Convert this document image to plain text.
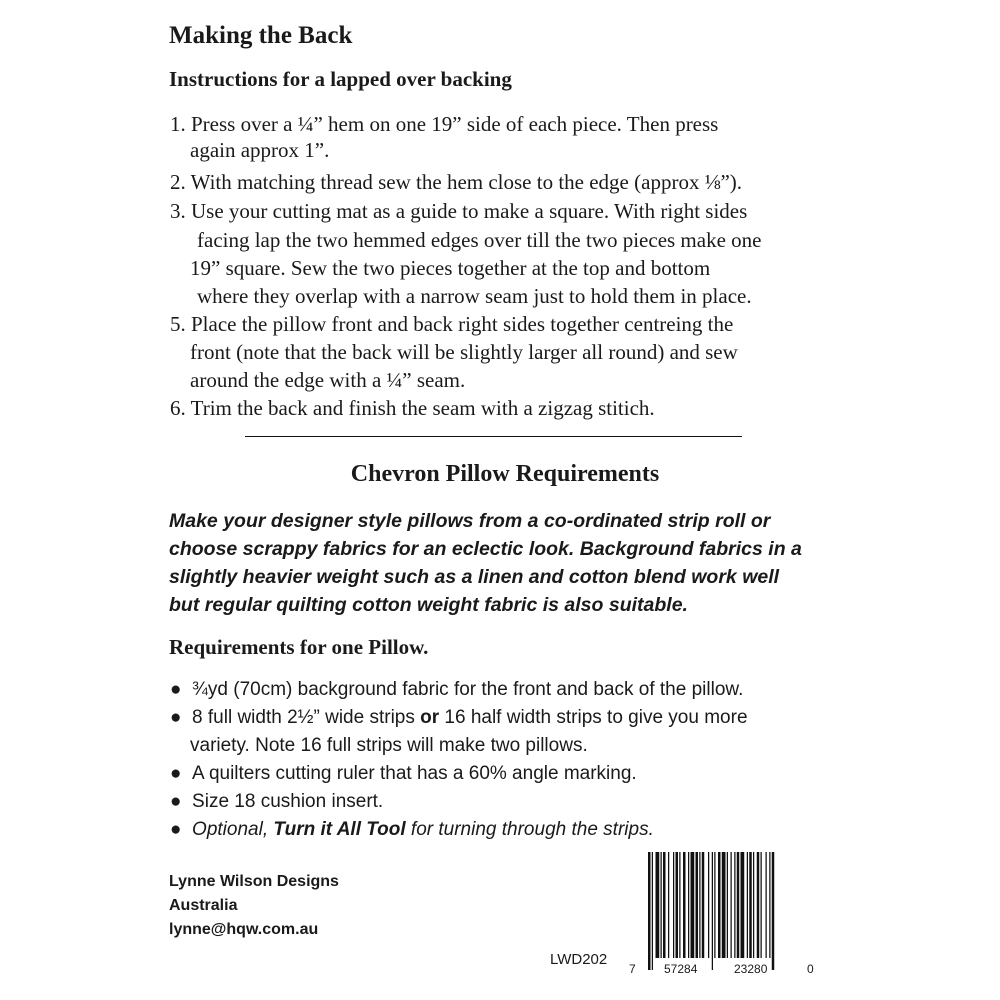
Making the Back
Instructions for a lapped over backing
1. Press over a ¼” hem on one 19” side of each piece. Then press
again approx 1”.
2. With matching thread sew the hem close to the edge (approx ⅛”).
3. Use your cutting mat as a guide to make a square. With right sides
facing lap the two hemmed edges over till the two pieces make one
19” square. Sew the two pieces together at the top and bottom
where they overlap with a narrow seam just to hold them in place.
5. Place the pillow front and back right sides together centreing the
front (note that the back will be slightly larger all round) and sew
around the edge with a ¼” seam.
6. Trim the back and finish the seam with a zigzag stitich.
Chevron Pillow Requirements
Make your designer style pillows from a co-ordinated strip roll or
choose scrappy fabrics for an eclectic look. Background fabrics in a
slightly heavier weight such as a linen and cotton blend work well
but regular quilting cotton weight fabric is also suitable.
Requirements for one Pillow.
● ¾yd (70cm) background fabric for the front and back of the pillow.
● 8 full width 2½” wide strips or 16 half width strips to give you more
variety. Note 16 full strips will make two pillows.
● A quilters cutting ruler that has a 60% angle marking.
● Size 18 cushion insert.
● Optional, Turn it All Tool for turning through the strips.
Lynne Wilson Designs
Australia
lynne@hqw.com.au
LWD202
7 57284	23280	0
